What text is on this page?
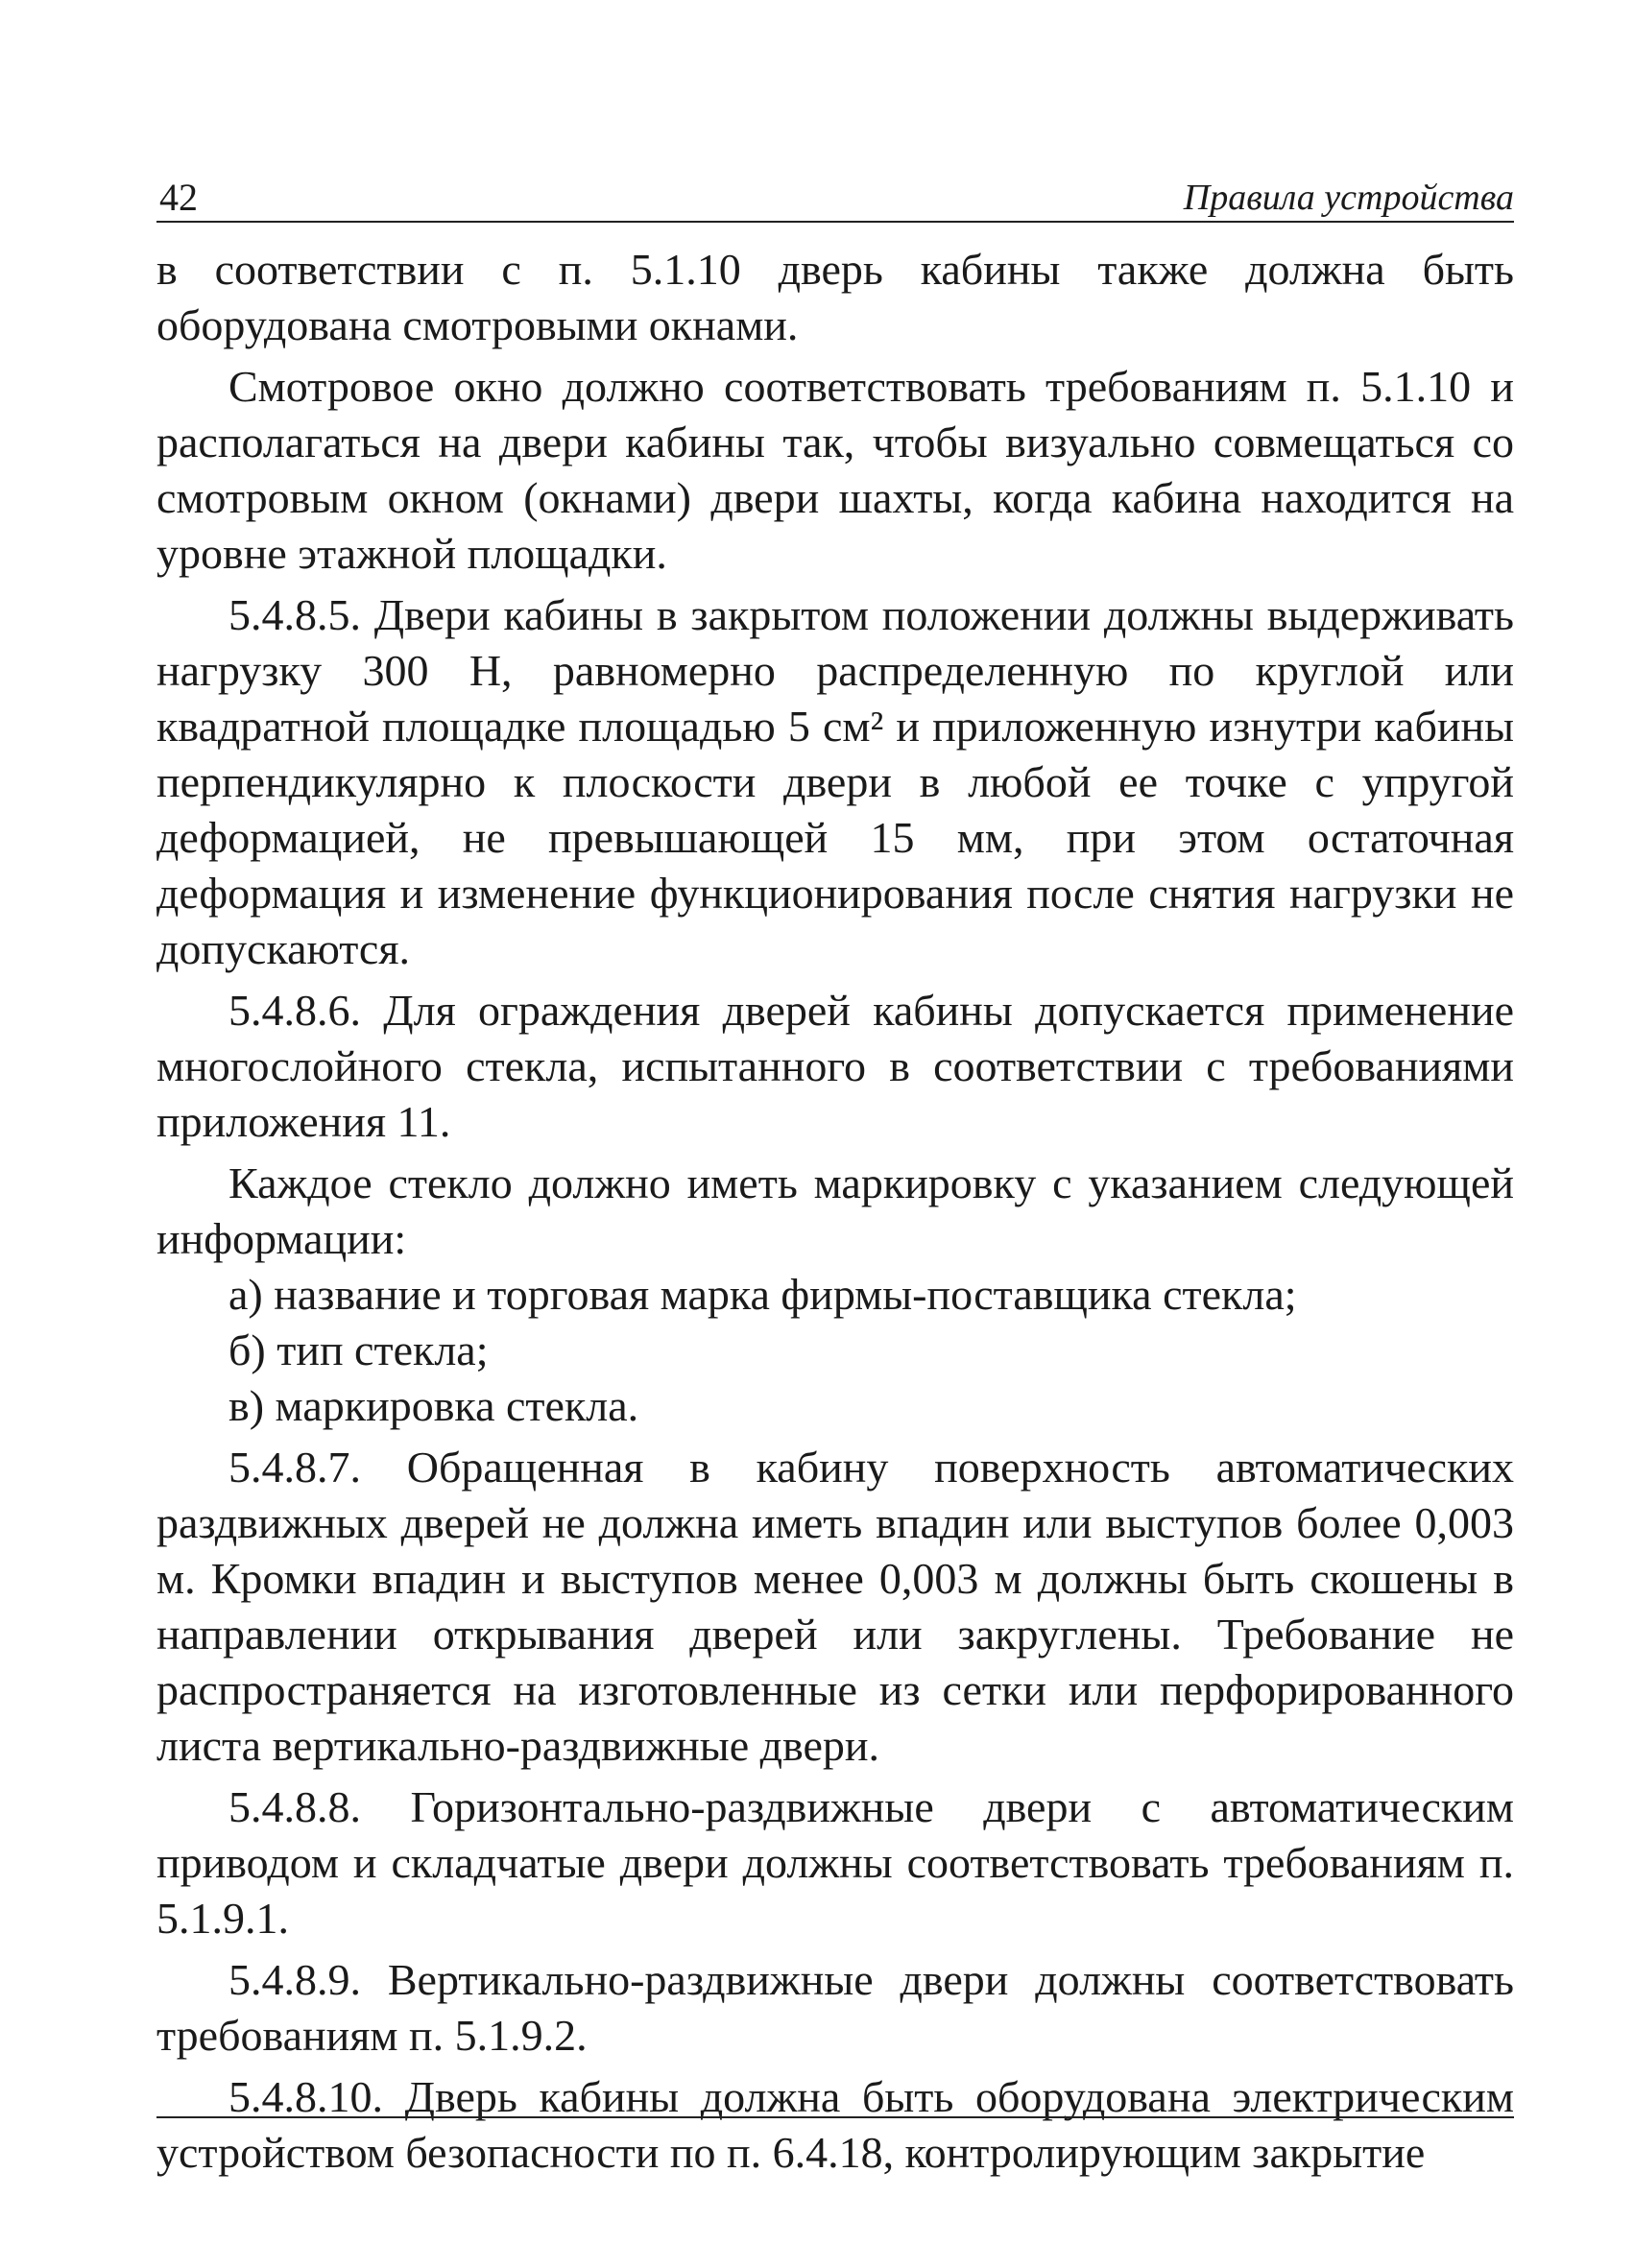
42	Правила устройства

в соответствии с п. 5.1.10 дверь кабины также должна быть оборудована смотровыми окнами.

Смотровое окно должно соответствовать требованиям п. 5.1.10 и располагаться на двери кабины так, чтобы визуально совмещаться со смотровым окном (окнами) двери шахты, когда кабина находится на уровне этажной площадки.

5.4.8.5. Двери кабины в закрытом положении должны выдерживать нагрузку 300 Н, равномерно распределенную по круглой или квадратной площадке площадью 5 см² и приложенную изнутри кабины перпендикулярно к плоскости двери в любой ее точке с упругой деформацией, не превышающей 15 мм, при этом остаточная деформация и изменение функционирования после снятия нагрузки не допускаются.

5.4.8.6. Для ограждения дверей кабины допускается применение многослойного стекла, испытанного в соответствии с требованиями приложения 11.

Каждое стекло должно иметь маркировку с указанием следующей информации:

а) название и торговая марка фирмы-поставщика стекла;

б) тип стекла;

в) маркировка стекла.

5.4.8.7. Обращенная в кабину поверхность автоматических раздвижных дверей не должна иметь впадин или выступов более 0,003 м. Кромки впадин и выступов менее 0,003 м должны быть скошены в направлении открывания дверей или закруглены. Требование не распространяется на изготовленные из сетки или перфорированного листа вертикально-раздвижные двери.

5.4.8.8. Горизонтально-раздвижные двери с автоматическим приводом и складчатые двери должны соответствовать требованиям п. 5.1.9.1.

5.4.8.9. Вертикально-раздвижные двери должны соответствовать требованиям п. 5.1.9.2.

5.4.8.10. Дверь кабины должна быть оборудована электрическим устройством безопасности по п. 6.4.18, контролирующим закрытие
